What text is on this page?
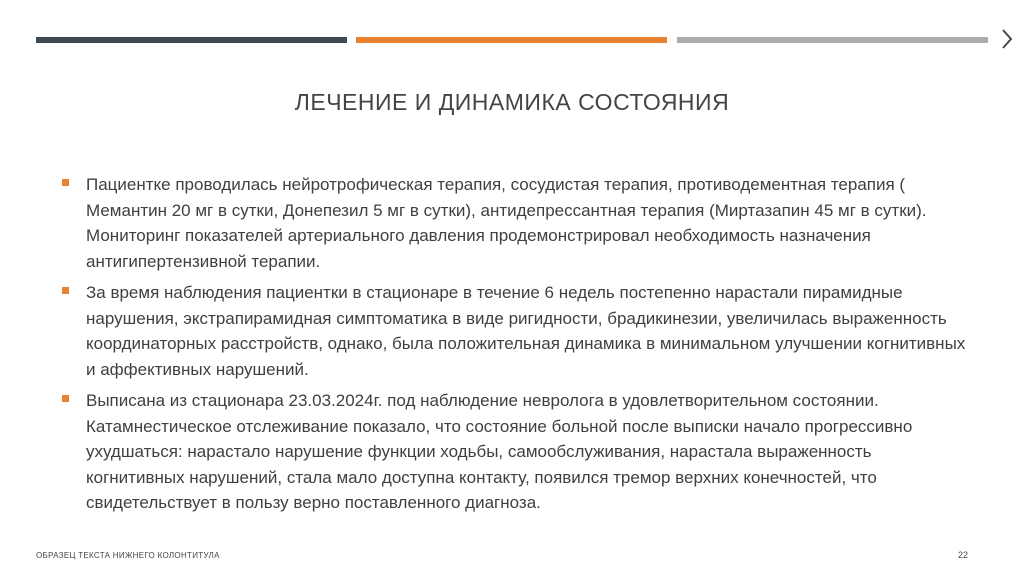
ЛЕЧЕНИЕ И ДИНАМИКА СОСТОЯНИЯ
Пациентке проводилась нейротрофическая терапия, сосудистая терапия, противодементная терапия ( Мемантин 20 мг в сутки, Донепезил 5 мг в сутки), антидепрессантная терапия (Миртазапин 45 мг в сутки). Мониторинг показателей артериального давления продемонстрировал необходимость назначения антигипертензивной терапии.
За время наблюдения пациентки в стационаре в течение 6 недель постепенно нарастали пирамидные нарушения, экстрапирамидная симптоматика в виде ригидности, брадикинезии, увеличилась выраженность координаторных расстройств, однако, была положительная динамика в минимальном улучшении когнитивных и аффективных нарушений.
Выписана из стационара 23.03.2024г. под наблюдение невролога в удовлетворительном состоянии. Катамнестическое отслеживание показало, что состояние больной после выписки начало прогрессивно ухудшаться: нарастало нарушение функции ходьбы, самообслуживания, нарастала выраженность когнитивных нарушений, стала мало доступна контакту, появился тремор верхних конечностей, что свидетельствует в пользу верно поставленного диагноза.
ОБРАЗЕЦ ТЕКСТА НИЖНЕГО КОЛОНТИТУЛА	22
